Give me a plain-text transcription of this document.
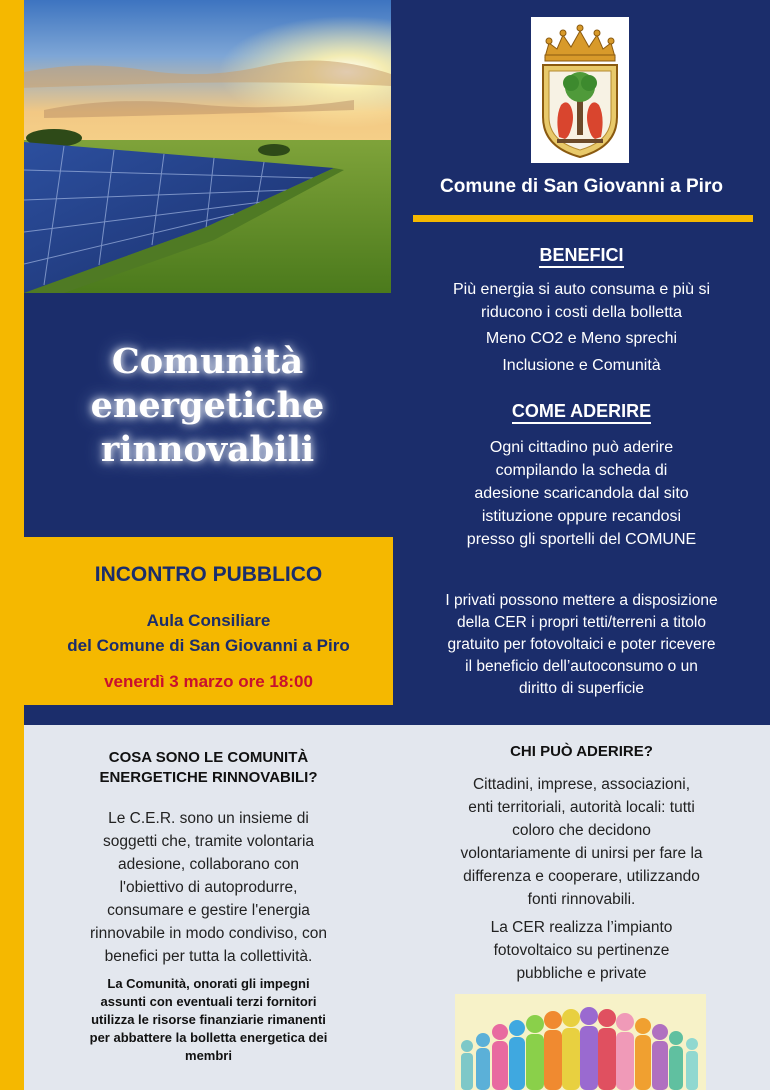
Comunità
energetiche
rinnovabili
INCONTRO PUBBLICO
Aula Consiliare
del Comune di San Giovanni a Piro
venerdì 3 marzo ore 18:00
Comune di San Giovanni a Piro
BENEFICI
Più energia si auto consuma e più si
riducono i costi della bolletta
Meno CO2 e Meno sprechi
Inclusione e Comunità
COME ADERIRE
Ogni cittadino può aderire
compilando la scheda di
adesione scaricandola dal sito
istituzione oppure recandosi
presso gli sportelli del COMUNE
I privati possono mettere a disposizione
della CER i propri tetti/terreni a titolo
gratuito per fotovoltaici e poter ricevere
il beneficio dell’autoconsumo o un
diritto di superficie
COSA SONO LE COMUNITÀ
ENERGETICHE RINNOVABILI?
Le C.E.R. sono un insieme di
soggetti che, tramite volontaria
adesione, collaborano con
l'obiettivo di autoprodurre,
consumare e gestire l'energia
rinnovabile in modo condiviso, con
benefici per tutta la collettività.
La Comunità, onorati gli impegni
assunti con eventuali terzi fornitori
utilizza le risorse finanziarie rimanenti
per abbattere la bolletta energetica dei
membri
CHI PUÒ ADERIRE?
Cittadini, imprese, associazioni,
enti territoriali, autorità locali: tutti
coloro che decidono
volontariamente di unirsi per fare la
differenza e cooperare, utilizzando
fonti rinnovabili.
La CER realizza l’impianto
fotovoltaico su pertinenze
pubbliche e private
